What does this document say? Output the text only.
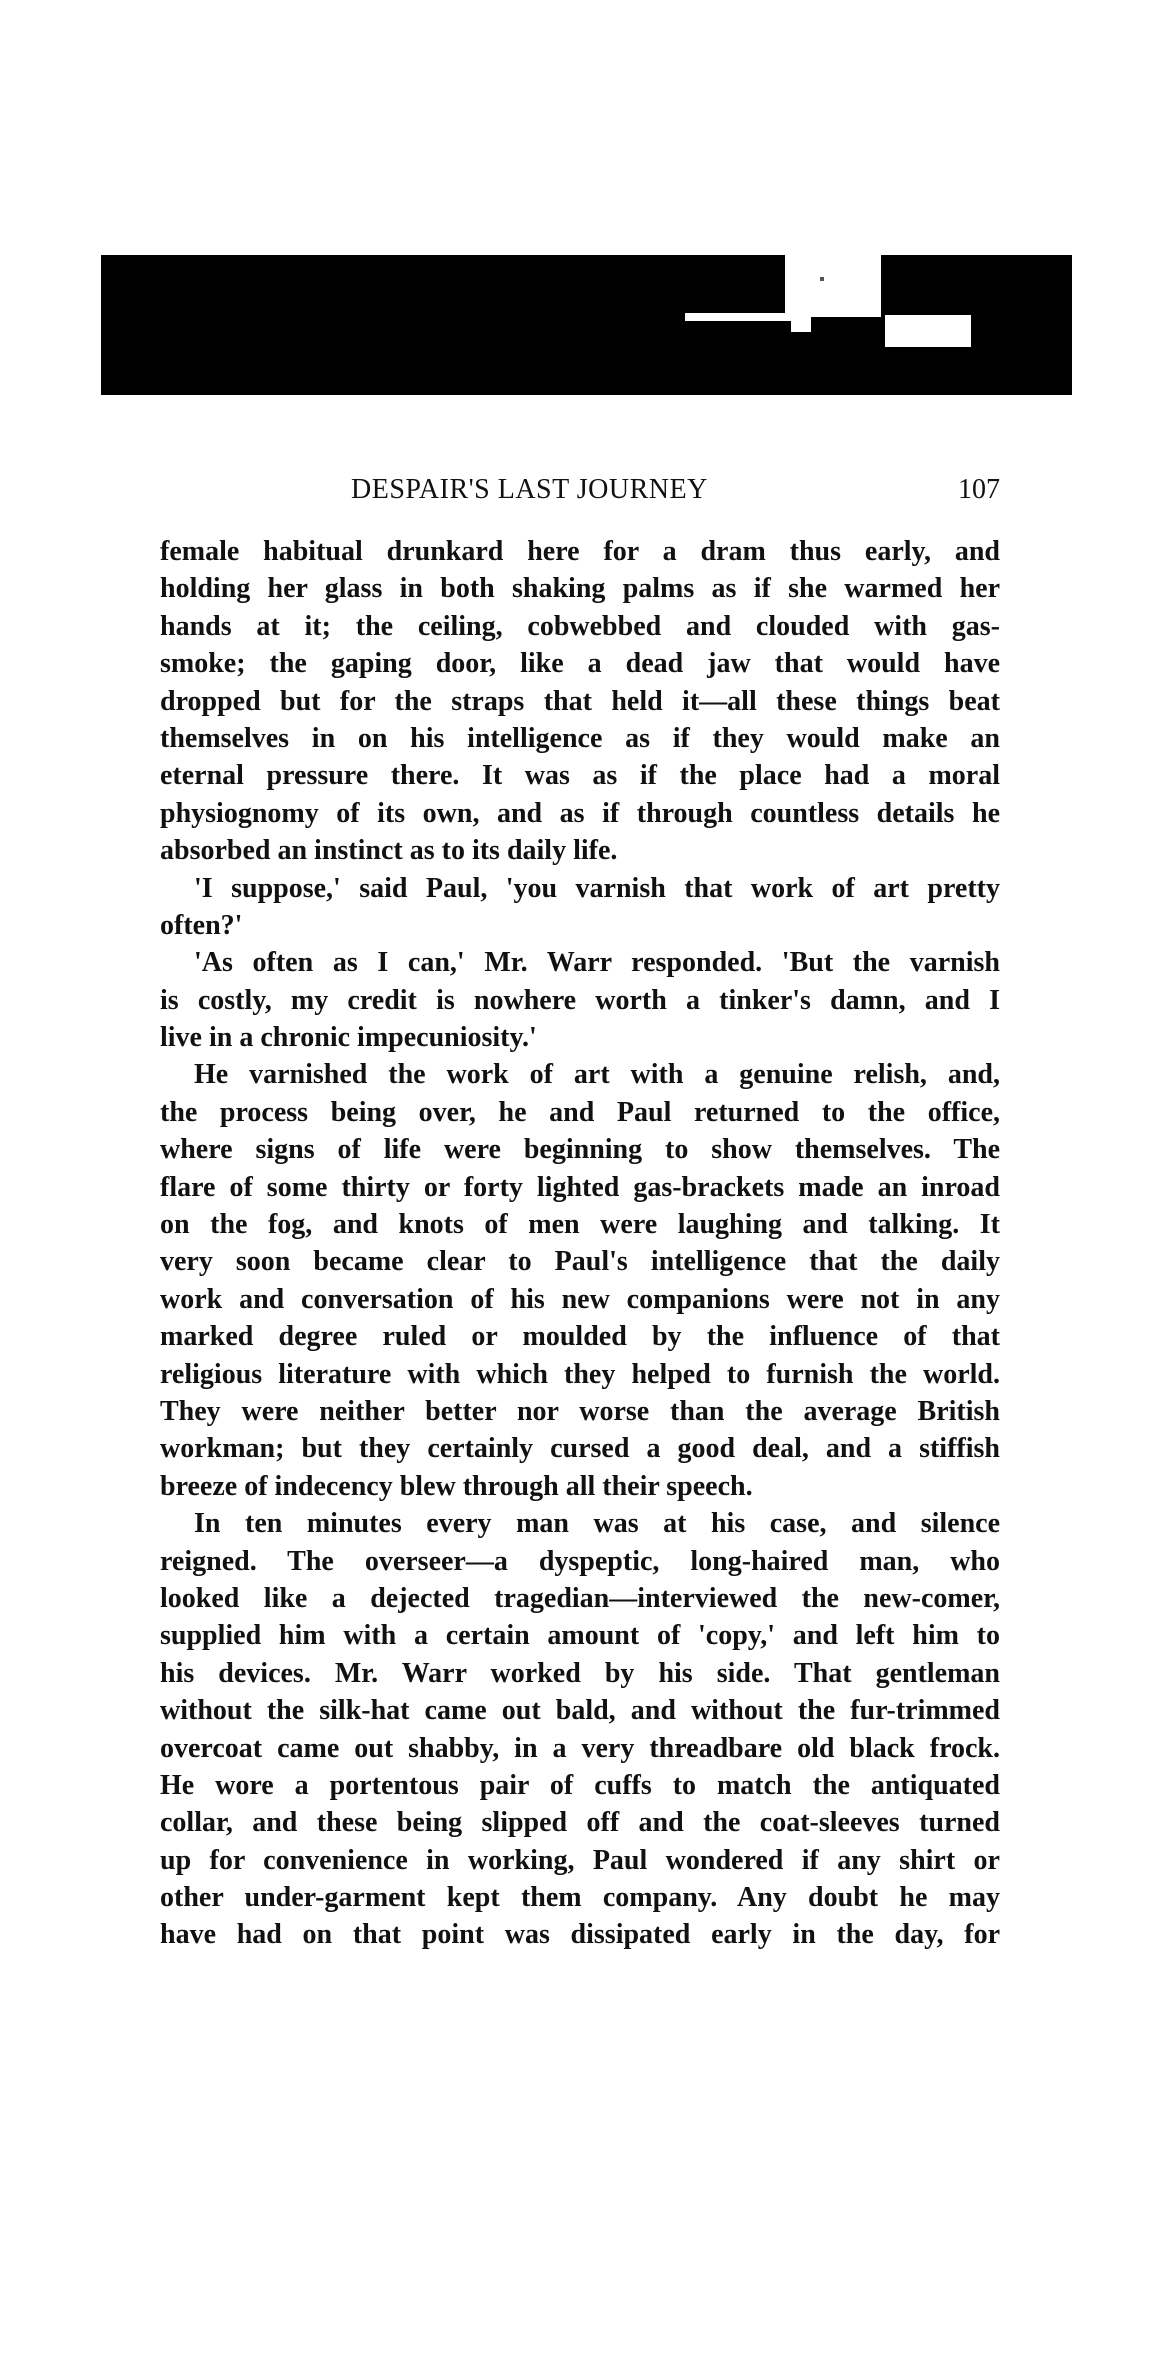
DESPAIR'S LAST JOURNEY	107
female habitual drunkard here for a dram thus early, and
holding her glass in both shaking palms as if she warmed her
hands at it; the ceiling, cobwebbed and clouded with gas-
smoke; the gaping door, like a dead jaw that would have
dropped but for the straps that held it—all these things beat
themselves in on his intelligence as if they would make an
eternal pressure there. It was as if the place had a moral
physiognomy of its own, and as if through countless details he
absorbed an instinct as to its daily life.
'I suppose,' said Paul, 'you varnish that work of art pretty
often?'
'As often as I can,' Mr. Warr responded. 'But the varnish
is costly, my credit is nowhere worth a tinker's damn, and I
live in a chronic impecuniosity.'
He varnished the work of art with a genuine relish, and,
the process being over, he and Paul returned to the office,
where signs of life were beginning to show themselves. The
flare of some thirty or forty lighted gas-brackets made an inroad
on the fog, and knots of men were laughing and talking. It
very soon became clear to Paul's intelligence that the daily
work and conversation of his new companions were not in any
marked degree ruled or moulded by the influence of that
religious literature with which they helped to furnish the world.
They were neither better nor worse than the average British
workman; but they certainly cursed a good deal, and a stiffish
breeze of indecency blew through all their speech.
In ten minutes every man was at his case, and silence
reigned. The overseer—a dyspeptic, long-haired man, who
looked like a dejected tragedian—interviewed the new-comer,
supplied him with a certain amount of 'copy,' and left him to
his devices. Mr. Warr worked by his side. That gentleman
without the silk-hat came out bald, and without the fur-trimmed
overcoat came out shabby, in a very threadbare old black frock.
He wore a portentous pair of cuffs to match the antiquated
collar, and these being slipped off and the coat-sleeves turned
up for convenience in working, Paul wondered if any shirt or
other under-garment kept them company. Any doubt he may
have had on that point was dissipated early in the day, for
